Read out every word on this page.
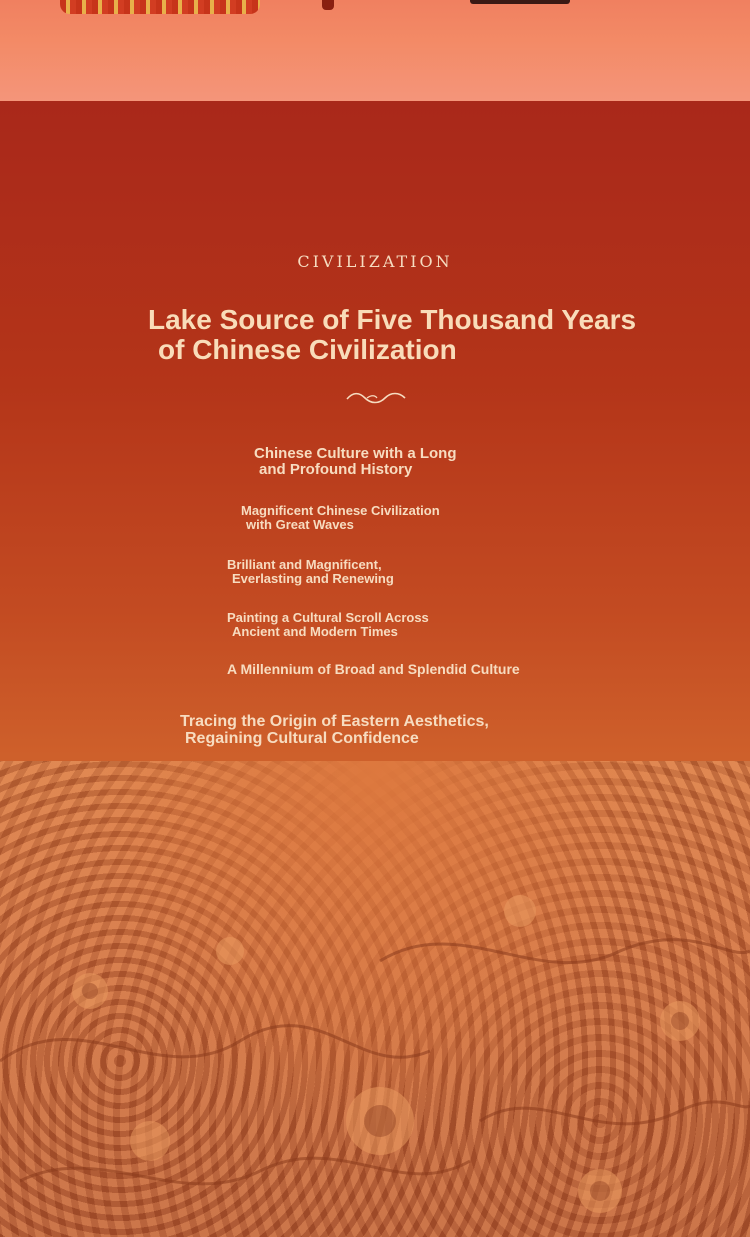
CIVILIZATION
Lake Source of Five Thousand Years

of Chinese Civilization
Chinese Culture with a Long
and Profound History
Magnificent Chinese Civilization
with Great Waves
Brilliant and Magnificent,
Everlasting and Renewing
Painting a Cultural Scroll Across
Ancient and Modern Times
A Millennium of Broad and Splendid Culture
Tracing the Origin of Eastern Aesthetics,
Regaining Cultural Confidence
